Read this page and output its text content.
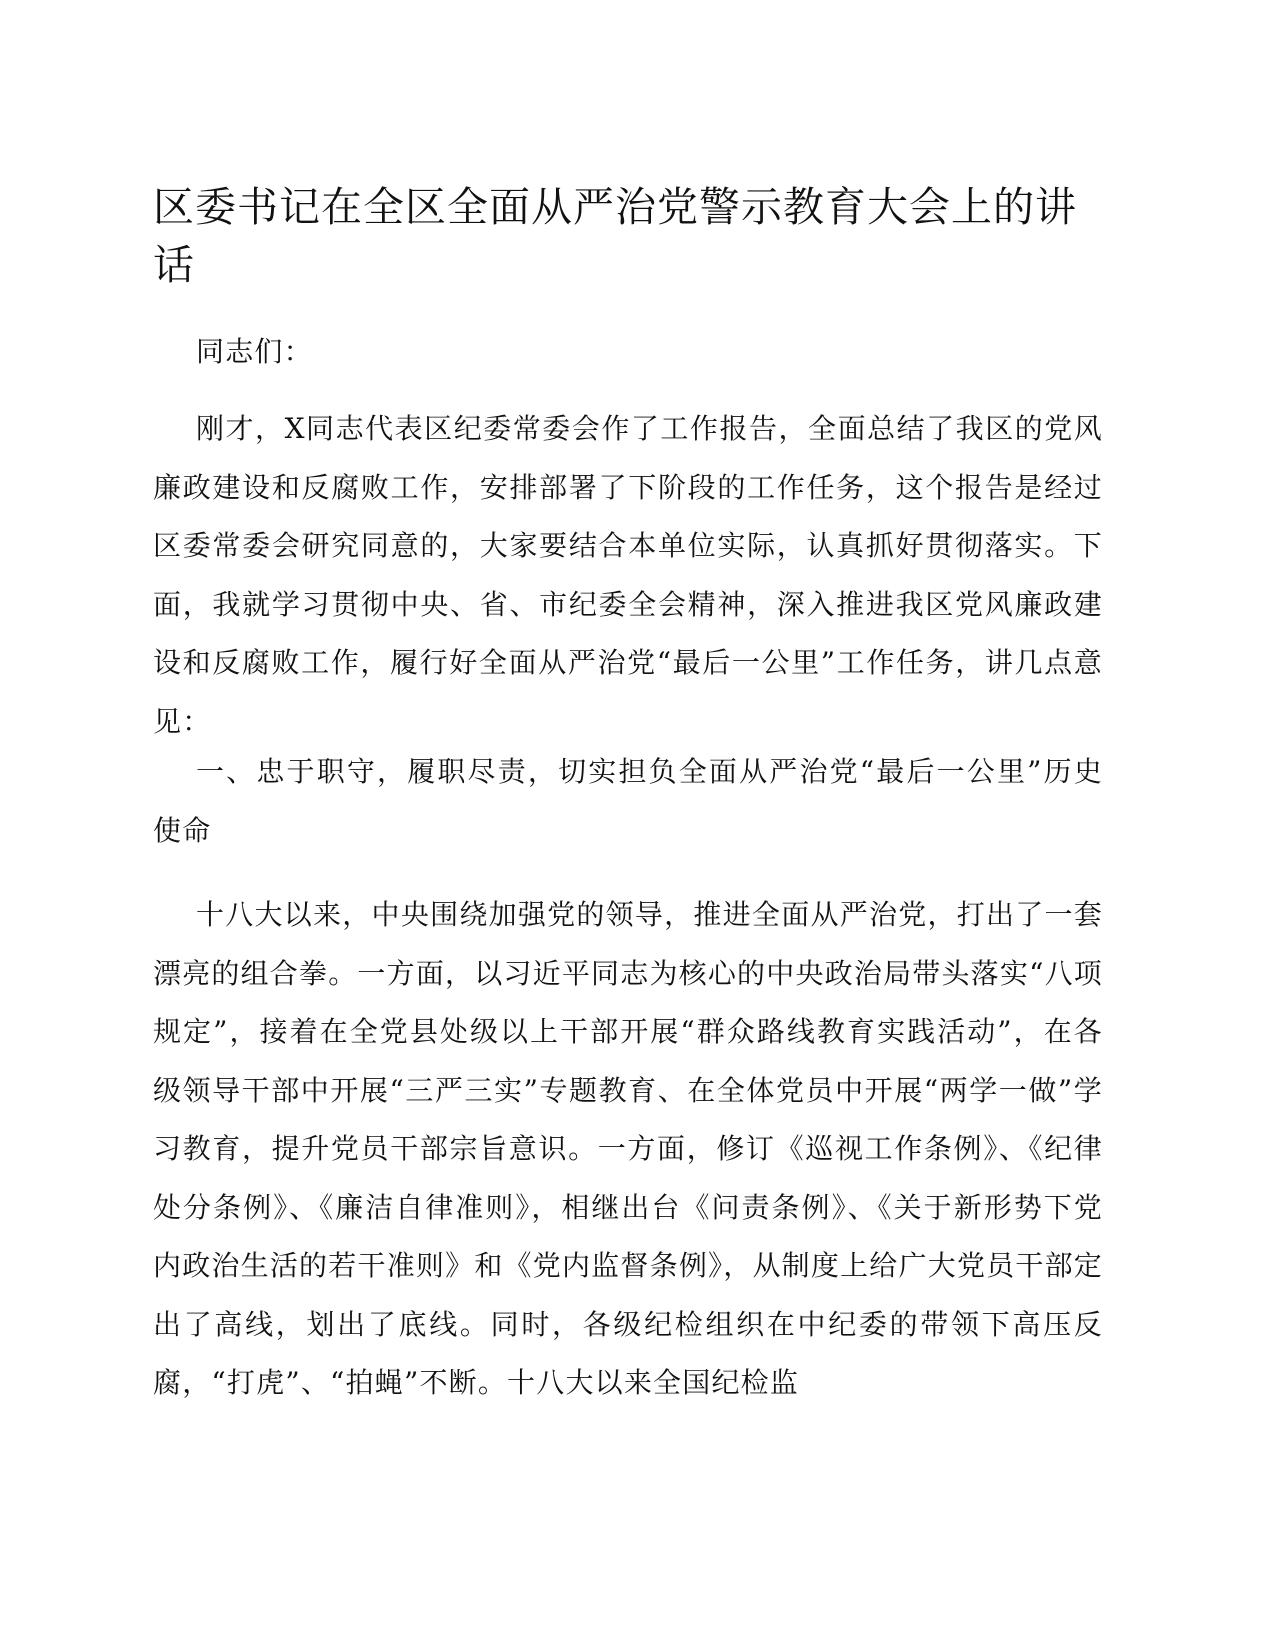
区委书记在全区全面从严治党警示教育大会上的讲话

同志们：

刚才，X同志代表区纪委常委会作了工作报告，全面总结了我区的党风廉政建设和反腐败工作，安排部署了下阶段的工作任务，这个报告是经过区委常委会研究同意的，大家要结合本单位实际，认真抓好贯彻落实。下面，我就学习贯彻中央、省、市纪委全会精神，深入推进我区党风廉政建设和反腐败工作，履行好全面从严治党“最后一公里”工作任务，讲几点意见：

一、忠于职守，履职尽责，切实担负全面从严治党“最后一公里”历史使命

十八大以来，中央围绕加强党的领导，推进全面从严治党，打出了一套漂亮的组合拳。一方面，以习近平同志为核心的中央政治局带头落实“八项规定”，接着在全党县处级以上干部开展“群众路线教育实践活动”，在各级领导干部中开展“三严三实”专题教育、在全体党员中开展“两学一做”学习教育，提升党员干部宗旨意识。一方面，修订《巡视工作条例》、《纪律处分条例》、《廉洁自律准则》，相继出台《问责条例》、《关于新形势下党内政治生活的若干准则》和《党内监督条例》，从制度上给广大党员干部定出了高线，划出了底线。同时，各级纪检组织在中纪委的带领下高压反腐，“打虎”、“拍蝇”不断。十八大以来全国纪检监
